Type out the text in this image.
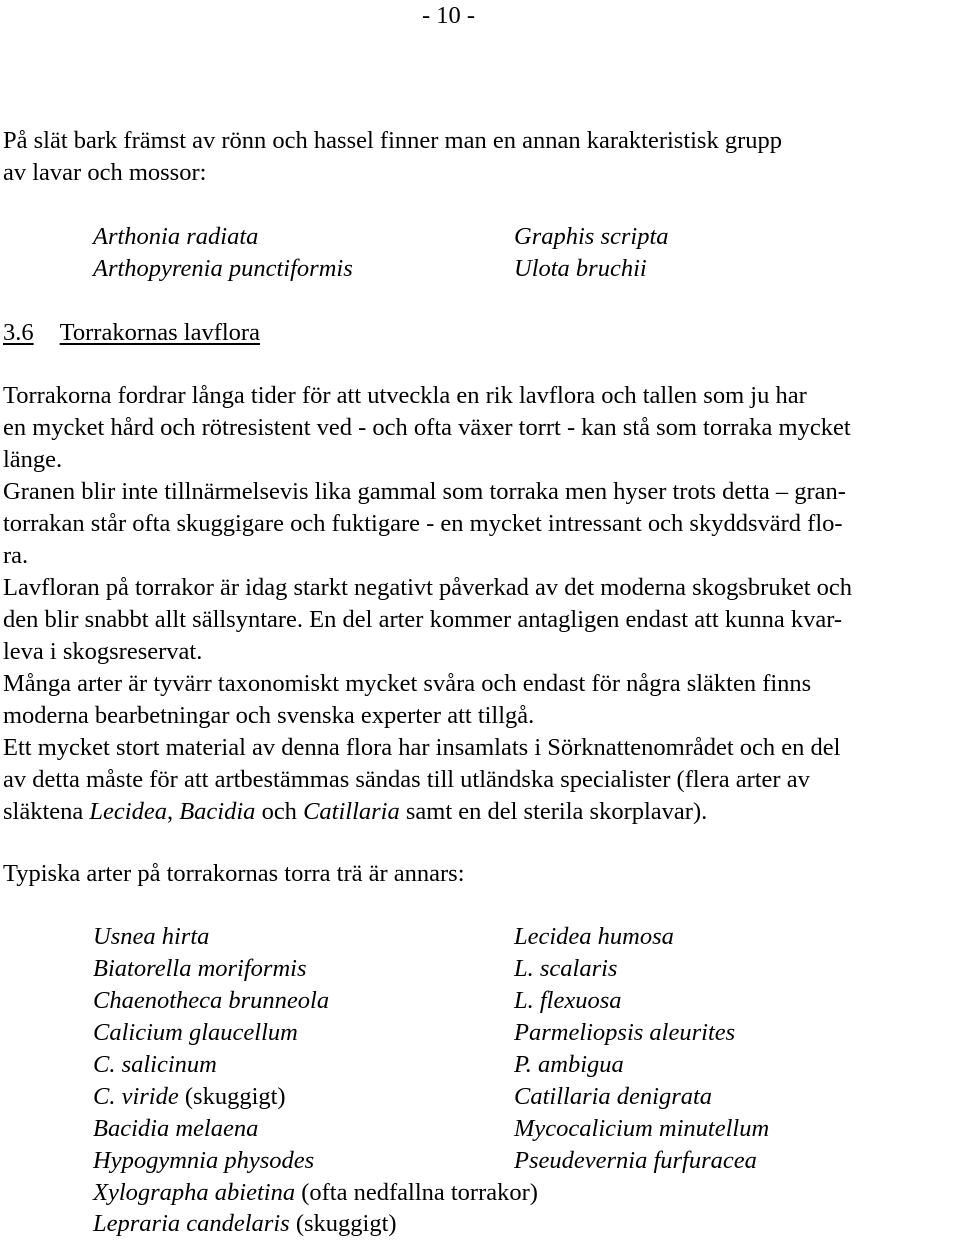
- 10 -
På slät bark främst av rönn och hassel finner man en annan karakteristisk grupp
av lavar och mossor:
Arthonia radiata
Arthopyrenia punctiformis
Graphis scripta
Ulota bruchii
3.6 Torrakornas lavflora
Torrakorna fordrar långa tider för att utveckla en rik lavflora och tallen som ju har
en mycket hård och rötresistent ved - och ofta växer torrt - kan stå som torraka mycket
länge.
Granen blir inte tillnärmelsevis lika gammal som torraka men hyser trots detta – gran-
torrakan står ofta skuggigare och fuktigare - en mycket intressant och skyddsvärd flo-
ra.
Lavfloran på torrakor är idag starkt negativt påverkad av det moderna skogsbruket och
den blir snabbt allt sällsyntare. En del arter kommer antagligen endast att kunna kvar-
leva i skogsreservat.
Många arter är tyvärr taxonomiskt mycket svåra och endast för några släkten finns
moderna bearbetningar och svenska experter att tillgå.
Ett mycket stort material av denna flora har insamlats i Sörknattenområdet och en del
av detta måste för att artbestämmas sändas till utländska specialister (flera arter av
släktena Lecidea, Bacidia och Catillaria samt en del sterila skorplavar).
Typiska arter på torrakornas torra trä är annars:
Usnea hirta
Biatorella moriformis
Chaenotheca brunneola
Calicium glaucellum
C. salicinum
C. viride (skuggigt)
Bacidia melaena
Hypogymnia physodes
Xylographa abietina (ofta nedfallna torrakor)
Lepraria candelaris (skuggigt)
Lecidea humosa
L. scalaris
L. flexuosa
Parmeliopsis aleurites
P. ambigua
Catillaria denigrata
Mycocalicium minutellum
Pseudevernia furfuracea
